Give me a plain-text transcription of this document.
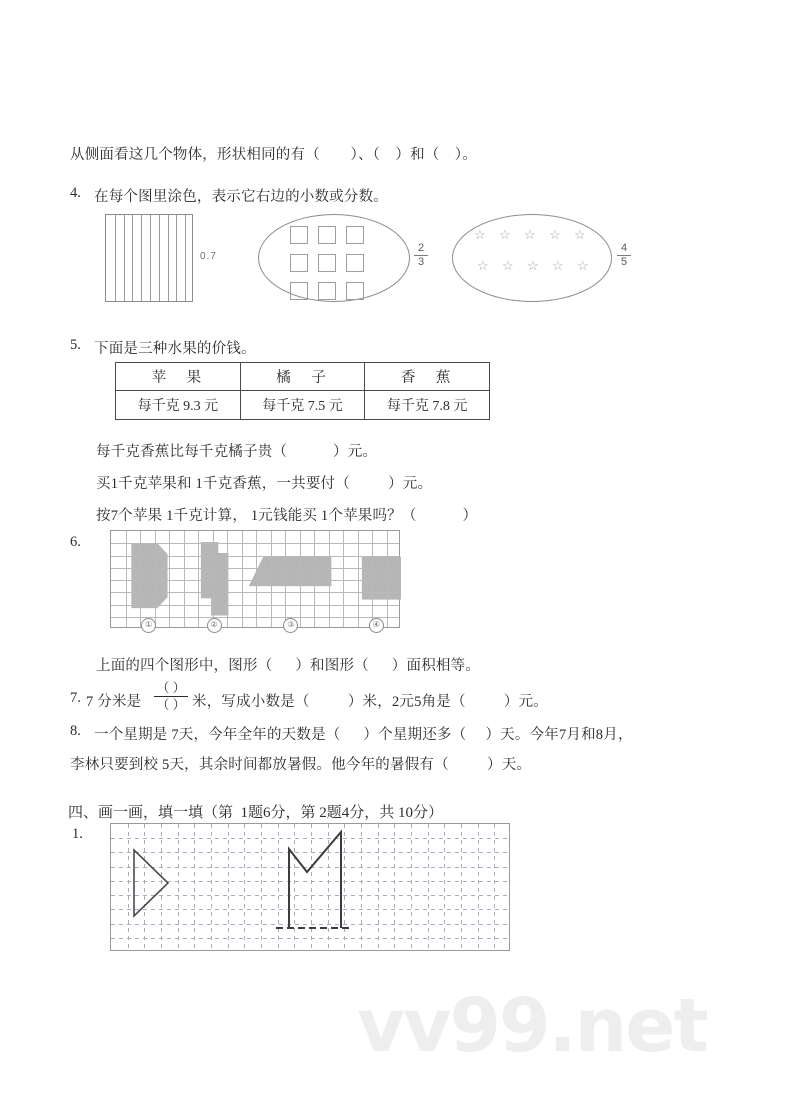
从侧面看这几个物体，形状相同的有（        ）、（    ）和（    ）。
4. 在每个图里涂色，表示它右边的小数或分数。
0.7
2
3
☆ ☆ ☆ ☆ ☆
☆ ☆ ☆ ☆ ☆
4
5
5. 下面是三种水果的价钱。
苹　果	橘　子	香　蕉
每千克 9.3 元	每千克 7.5 元	每千克 7.8 元
每千克香蕉比每千克橘子贵（            ）元。
买1千克苹果和 1千克香蕉，一共要付（          ）元。
按7个苹果 1千克计算， 1元钱能买 1个苹果吗？（            ）
6.
①	②	③	④
上面的四个图形中，图形（      ）和图形（      ）面积相等。
7. 7 分米是
（ ）
（ ） 米，写成小数是（          ）米，2元5角是（          ）元。
8. 一个星期是 7天，今年全年的天数是（      ）个星期还多（     ）天。今年7月和8月，
李林只要到校 5天，其余时间都放暑假。他今年的暑假有（          ）天。
四、画一画，填一填（第  1题6分，第 2题4分，共 10分）
1.
vv99.net
